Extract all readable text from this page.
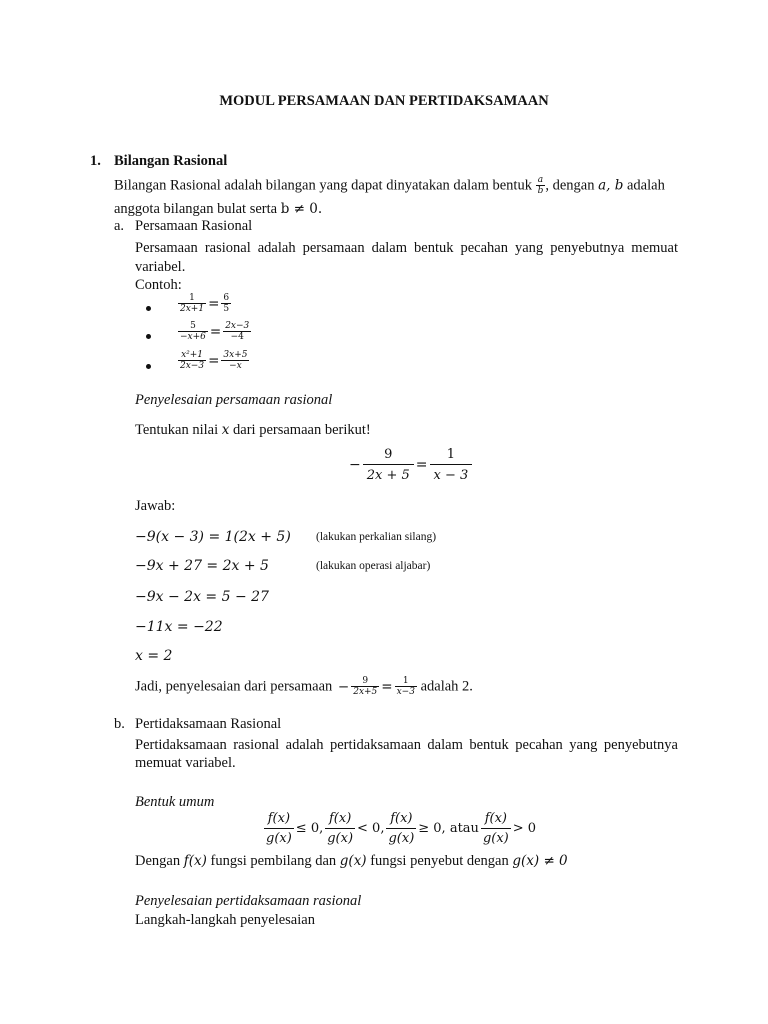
MODUL PERSAMAAN DAN PERTIDAKSAMAAN
1. Bilangan Rasional
Bilangan Rasional adalah bilangan yang dapat dinyatakan dalam bentuk $\frac{a}{b}$ , dengan a, b adalah
anggota bilangan bulat serta b ≠ 0.
a. Persamaan Rasional
Persamaan rasional adalah persamaan dalam bentuk pecahan yang penyebutnya memuat
variabel.
Contoh:
$\frac{1}{2x+1} = \frac{6}{5}$
$\frac{5}{-x+6} = \frac{2x-3}{-4}$
$\frac{\text{x²+1}}{2x-3} = \frac{3x+5}{-x}$
Penyelesaian persamaan rasional
Tentukan nilai x dari persamaan berikut!
− $\frac{9}{2x + 5} = \frac{1}{x - 3}$
Jawab:
−9(x − 3) = 1(2x + 5) (lakukan perkalian silang)
−9x + 27 = 2x + 5	(lakukan operasi aljabar)
−9x − 2x = 5 − 27
−11x = −22
x = 2
Jadi, penyelesaian dari persamaan − $\frac{9}{2x+5} = \frac{1}{x-3}$ adalah 2.
b. Pertidaksamaan Rasional
Pertidaksamaan rasional adalah pertidaksamaan dalam bentuk pecahan yang penyebutnya
memuat variabel.
Bentuk umum
$\frac{f(x)}{g(x)} \le 0$, $\frac{f(x)}{g(x)} < 0$, $\frac{f(x)}{g(x)} \ge 0$, atau $\frac{f(x)}{g(x)} > 0$
Dengan f(x) fungsi pembilang dan g(x) fungsi penyebut dengan g(x) ≠ 0
Penyelesaian pertidaksamaan rasional
Langkah-langkah penyelesaian
